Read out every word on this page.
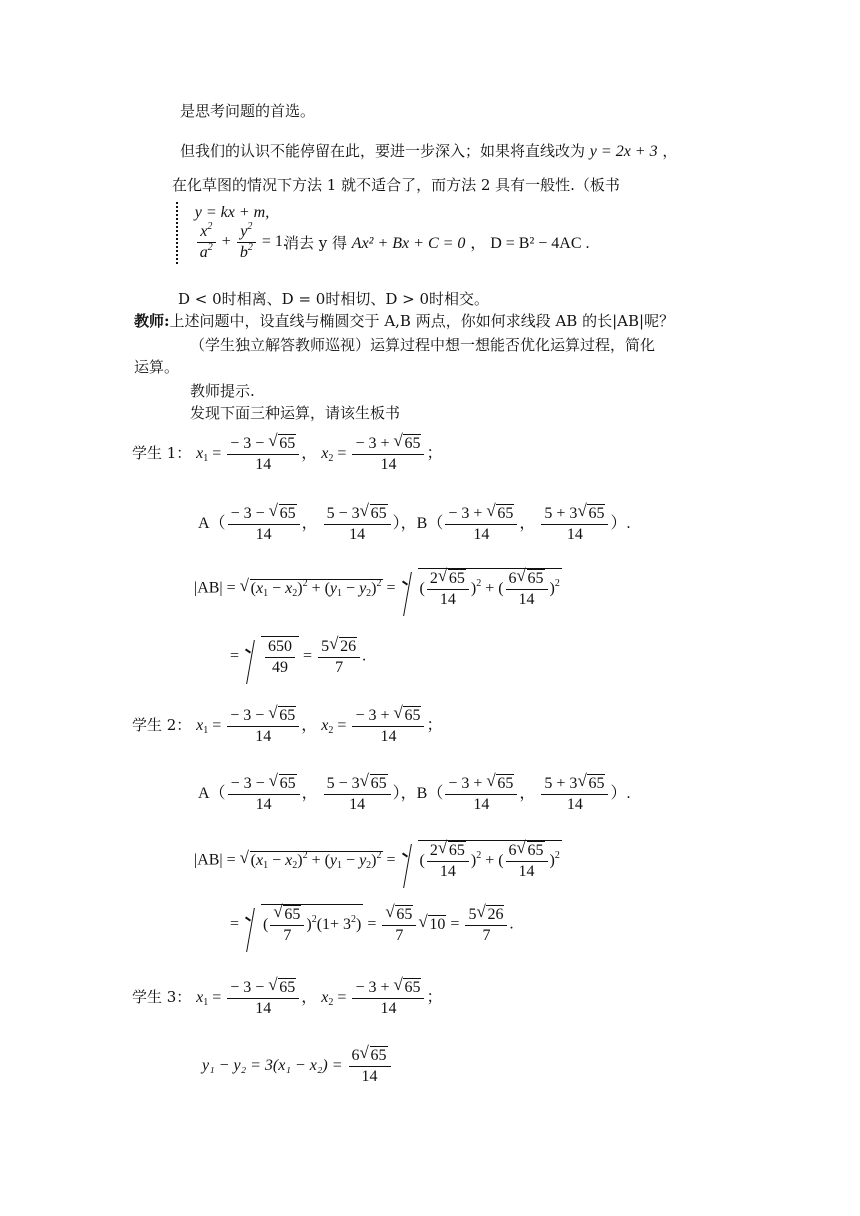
是思考问题的首选。
但我们的认识不能停留在此，要进一步深入；如果将直线改为 y = 2x + 3 ，
在化草图的情况下方法 1 就不适合了，而方法 2 具有一般性.（板书

y = kx + m,
$\frac{x^2}{a^2} + \frac{y^2}{b^2} = 1$.
消去 y 得 Ax² + Bx + C = 0 ， D = B² − 4AC .
D < 0时相离、D = 0时相切、D > 0时相交。
教师:上述问题中，设直线与椭圆交于 A,B 两点，你如何求线段 AB 的长|AB|呢？
（学生独立解答教师巡视）运算过程中想一想能否优化运算过程，简化
运算。
教师提示.
发现下面三种运算，请该生板书
学生 1： $x_1 = \frac{- 3 - √ 65}{14}$ ， $x_2 = \frac{- 3 + √ 65}{14}$ ；
$A( \frac{- 3 - √ 65}{14}$ ， $\frac{5 - 3 √ 65}{14}$ ），$B( \frac{- 3 + √ 65}{14}$ ， $\frac{5 + 3 √ 65}{14}$ ）.
|AB| = √ $(x_1 - x_2)^2 + (y_1 - y_2)^2$ =
( $\frac{2 √ 65}{14} )^2$ + ( $\frac{6 √ 65}{14} )^2$
= $\frac{650}{49} = \frac{5 √ 26}{7}$ .
学生 2： $x_1 = \frac{- 3 - √ 65}{14}$ ， $x_2 = \frac{- 3 + √ 65}{14}$ ；
$A( \frac{- 3 - √ 65}{14}$ ， $\frac{5 - 3 √ 65}{14}$ ），$B( \frac{- 3 + √ 65}{14}$ ， $\frac{5 + 3 √ 65}{14}$ ）.
|AB| = √ $(x_1 - x_2)^2 + (y_1 - y_2)^2$ =
( $\frac{2 √ 65}{14} )^2$ + ( $\frac{6 √ 65}{14} )^2$
=
( √ $\frac{65}{7} )^2(1+ 3^2)$ = √ $\frac{65}{7}$ √ $10 = \frac{5 √ 26}{7}$ .
学生 3： $x_1 = \frac{- 3 - √ 65}{14}$ ， $x_2 = \frac{- 3 + √ 65}{14}$ ；
$y_1 - y_2 = 3(x_1 - x_2) = \frac{6 √ 65}{14}$
